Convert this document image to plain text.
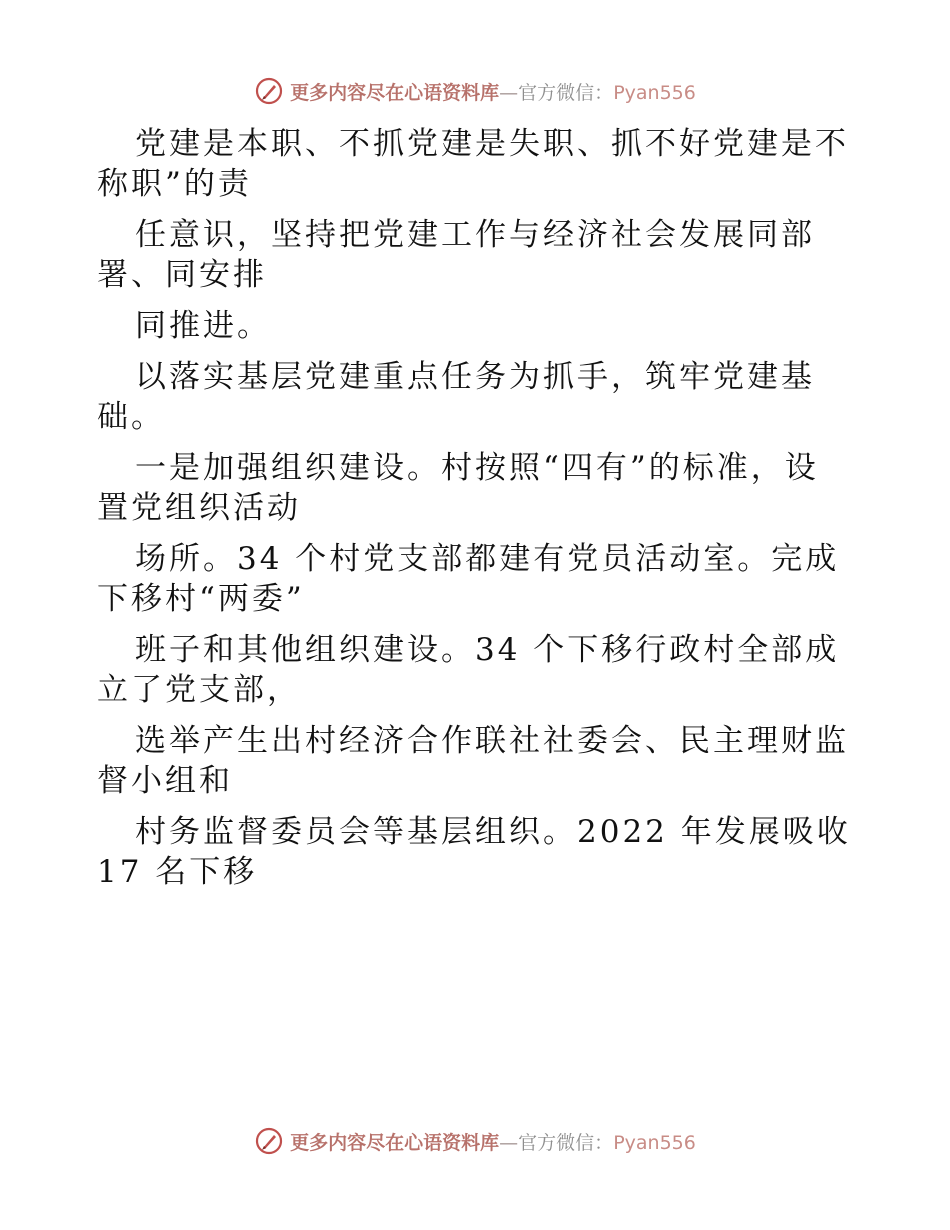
更多内容尽在心语资料库—官方微信：Pyan556
党建是本职、不抓党建是失职、抓不好党建是不
称职”的责
任意识，坚持把党建工作与经济社会发展同部
署、同安排
同推进。
以落实基层党建重点任务为抓手，筑牢党建基
础。
一是加强组织建设。村按照“四有”的标准，设
置党组织活动
场所。34 个村党支部都建有党员活动室。完成
下移村“两委”
班子和其他组织建设。34 个下移行政村全部成
立了党支部，
选举产生出村经济合作联社社委会、民主理财监
督小组和
村务监督委员会等基层组织。2022 年发展吸收
17 名下移
更多内容尽在心语资料库—官方微信：Pyan556
